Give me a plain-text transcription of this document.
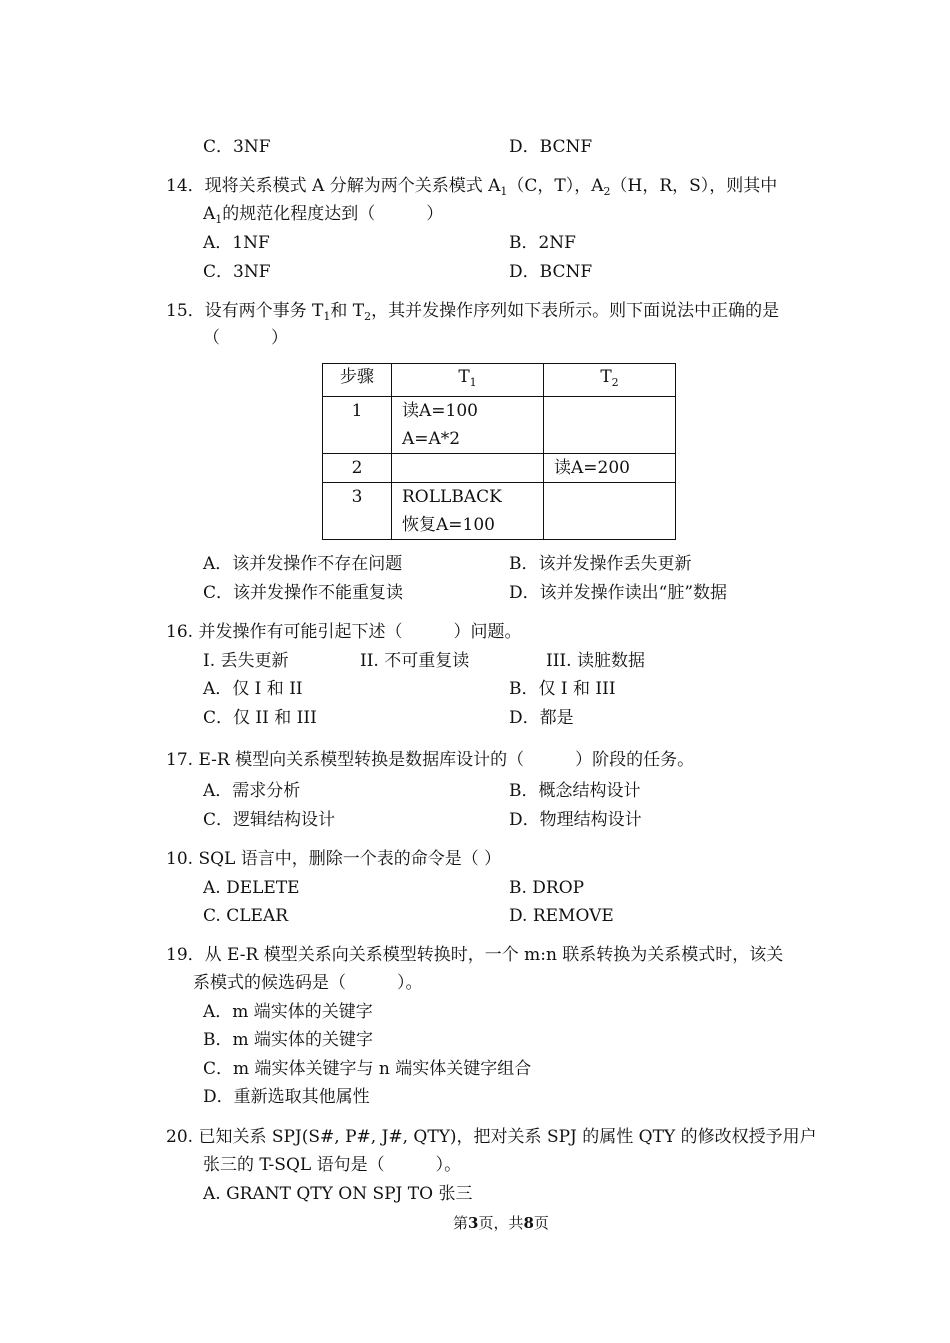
C．3NF	D．BCNF
14．现将关系模式 A 分解为两个关系模式 $A_1(C$，T），$A_2(H$，R，S），则其中
$A_1$的规范化程度达到（　　　）
A．1NF	B．2NF
C．3NF	D．BCNF
15．设有两个事务 $T_1$和 $T_2$，其并发操作序列如下表所示。则下面说法中正确的是
（　　　）
步骤	$T_1$	$T_2$
1	读A=100
A=A*2	

2		读A=200
3	ROLLBACK
恢复A=100	

A．该并发操作不存在问题	B．该并发操作丢失更新
C．该并发操作不能重复读	D．该并发操作读出“脏”数据
16. 并发操作有可能引起下述（　　　）问题。
I. 丢失更新	II. 不可重复读	III. 读脏数据
A．仅 I 和 II	B．仅 I 和 III
C．仅 II 和 III	D．都是
17. E-R 模型向关系模型转换是数据库设计的（　　　）阶段的任务。
A．需求分析	B．概念结构设计
C．逻辑结构设计	D．物理结构设计
10. SQL 语言中，删除一个表的命令是（ ）
A. DELETE	B. DROP
C. CLEAR	D. REMOVE
19．从 E-R 模型关系向关系模型转换时，一个 m:n 联系转换为关系模式时，该关
系模式的候选码是（　　　）。
A．m 端实体的关键字
B．m 端实体的关键字
C．m 端实体关键字与 n 端实体关键字组合
D．重新选取其他属性
20. 已知关系 SPJ(S#, P#, J#, QTY)，把对关系 SPJ 的属性 QTY 的修改权授予用户
张三的 T-SQL 语句是（　　　）。
A. GRANT QTY ON SPJ TO 张三
第3页，共8页
